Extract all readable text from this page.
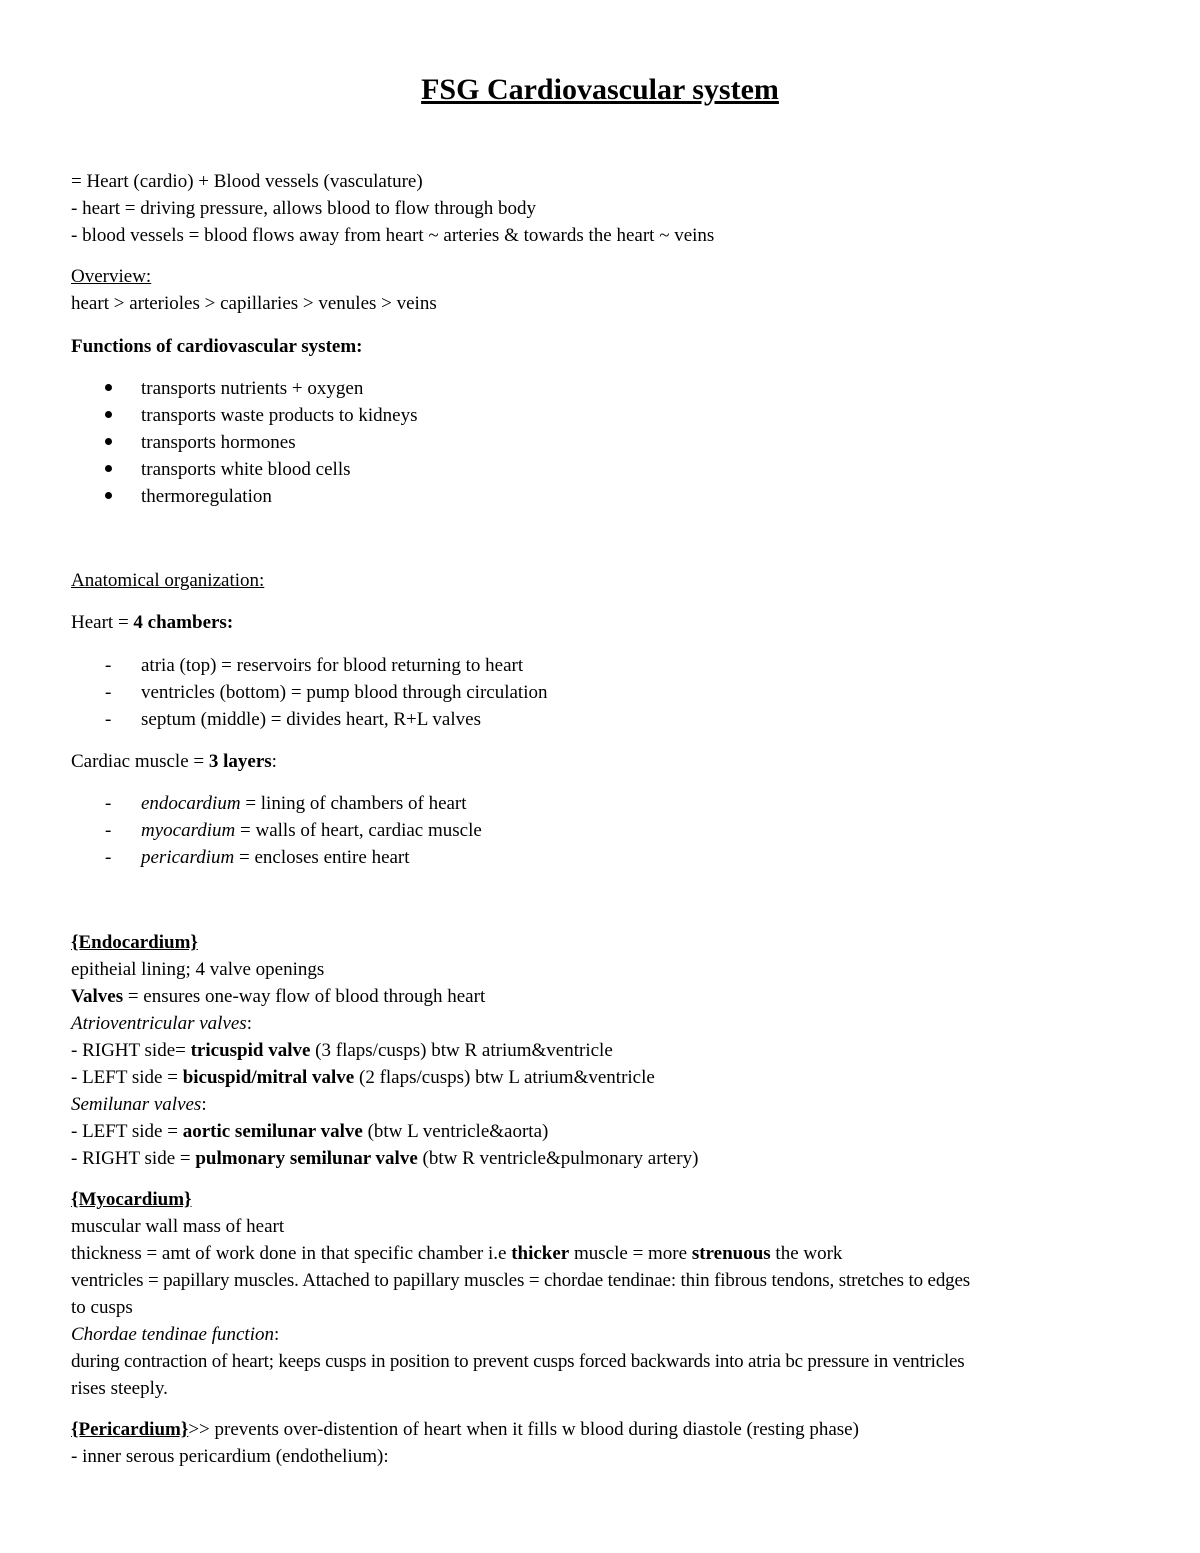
FSG Cardiovascular system
= Heart (cardio) + Blood vessels (vasculature)
- heart = driving pressure, allows blood to flow through body
- blood vessels = blood flows away from heart ~ arteries & towards the heart ~ veins
Overview:
heart > arterioles > capillaries > venules > veins
Functions of cardiovascular system:
transports nutrients + oxygen
transports waste products to kidneys
transports hormones
transports white blood cells
thermoregulation
Anatomical organization:
Heart = 4 chambers:
- atria (top) = reservoirs for blood returning to heart
- ventricles (bottom) = pump blood through circulation
- septum (middle) = divides heart, R+L valves
Cardiac muscle = 3 layers:
- endocardium = lining of chambers of heart
- myocardium = walls of heart, cardiac muscle
- pericardium = encloses entire heart
{Endocardium}
epitheial lining; 4 valve openings
Valves = ensures one-way flow of blood through heart
Atrioventricular valves:
- RIGHT side= tricuspid valve (3 flaps/cusps) btw R atrium&ventricle
- LEFT side = bicuspid/mitral valve (2 flaps/cusps) btw L atrium&ventricle
Semilunar valves:
- LEFT side = aortic semilunar valve (btw L ventricle&aorta)
- RIGHT side = pulmonary semilunar valve (btw R ventricle&pulmonary artery)
{Myocardium}
muscular wall mass of heart
thickness = amt of work done in that specific chamber i.e thicker muscle = more strenuous the work
ventricles = papillary muscles. Attached to papillary muscles = chordae tendinae: thin fibrous tendons, stretches to edges
to cusps
Chordae tendinae function:
during contraction of heart; keeps cusps in position to prevent cusps forced backwards into atria bc pressure in ventricles
rises steeply.
{Pericardium}>> prevents over-distention of heart when it fills w blood during diastole (resting phase)
- inner serous pericardium (endothelium):
